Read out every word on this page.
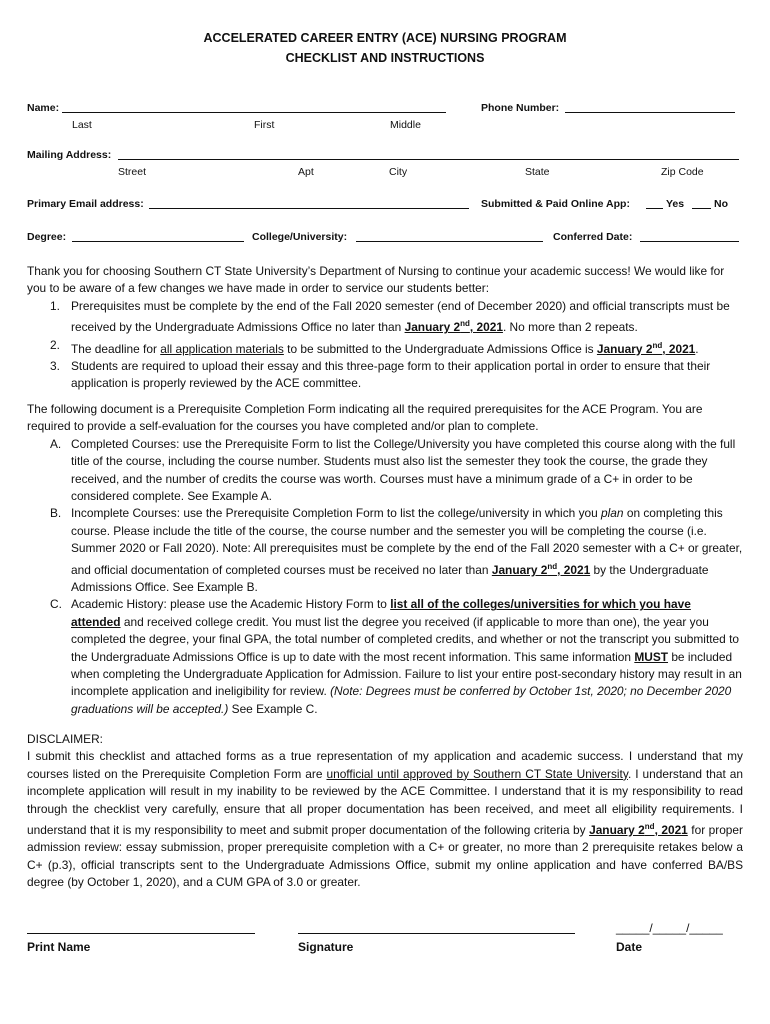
ACCELERATED CAREER ENTRY (ACE) NURSING PROGRAM
CHECKLIST AND INSTRUCTIONS
Name:
Last	First	Middle
Phone Number:
Mailing Address:
Street	Apt	City	State	Zip Code
Primary Email address:	Submitted & Paid Online App:	Yes	No
Degree:	College/University:	Conferred Date:

Thank you for choosing Southern CT State University’s Department of Nursing to continue your academic success! We would like for you to be aware of a few changes we have made in order to service our students better:

1. Prerequisites must be complete by the end of the Fall 2020 semester (end of December 2020) and official transcripts must be received by the Undergraduate Admissions Office no later than January 2nd, 2021. No more than 2 repeats.
2. The deadline for all application materials to be submitted to the Undergraduate Admissions Office is January 2nd, 2021.
3. Students are required to upload their essay and this three-page form to their application portal in order to ensure that their application is properly reviewed by the ACE committee.

The following document is a Prerequisite Completion Form indicating all the required prerequisites for the ACE Program. You are required to provide a self-evaluation for the courses you have completed and/or plan to complete.

A. Completed Courses: use the Prerequisite Form to list the College/University you have completed this course along with the full title of the course, including the course number. Students must also list the semester they took the course, the grade they received, and the number of credits the course was worth. Courses must have a minimum grade of a C+ in order to be considered complete. See Example A.
B. Incomplete Courses: use the Prerequisite Completion Form to list the college/university in which you plan on completing this course. Please include the title of the course, the course number and the semester you will be completing the course (i.e. Summer 2020 or Fall 2020). Note: All prerequisites must be complete by the end of the Fall 2020 semester with a C+ or greater, and official documentation of completed courses must be received no later than January 2nd, 2021 by the Undergraduate Admissions Office. See Example B.
C. Academic History: please use the Academic History Form to list all of the colleges/universities for which you have attended and received college credit. You must list the degree you received (if applicable to more than one), the year you completed the degree, your final GPA, the total number of completed credits, and whether or not the transcript you submitted to the Undergraduate Admissions Office is up to date with the most recent information. This same information MUST be included when completing the Undergraduate Application for Admission. Failure to list your entire post-secondary history may result in an incomplete application and ineligibility for review. (Note: Degrees must be conferred by October 1st, 2020; no December 2020 graduations will be accepted.) See Example C.

DISCLAIMER:

I submit this checklist and attached forms as a true representation of my application and academic success. I understand that my courses listed on the Prerequisite Completion Form are unofficial until approved by Southern CT State University. I understand that an incomplete application will result in my inability to be reviewed by the ACE Committee. I understand that it is my responsibility to read through the checklist very carefully, ensure that all proper documentation has been received, and meet all eligibility requirements. I understand that it is my responsibility to meet and submit proper documentation of the following criteria by January 2nd, 2021 for proper admission review: essay submission, proper prerequisite completion with a C+ or greater, no more than 2 prerequisite retakes below a C+ (p.3), official transcripts sent to the Undergraduate Admissions Office, submit my online application and have conferred BA/BS degree (by October 1, 2020), and a CUM GPA of 3.0 or greater.

Print Name	Signature
_____/_____/_____
Date
